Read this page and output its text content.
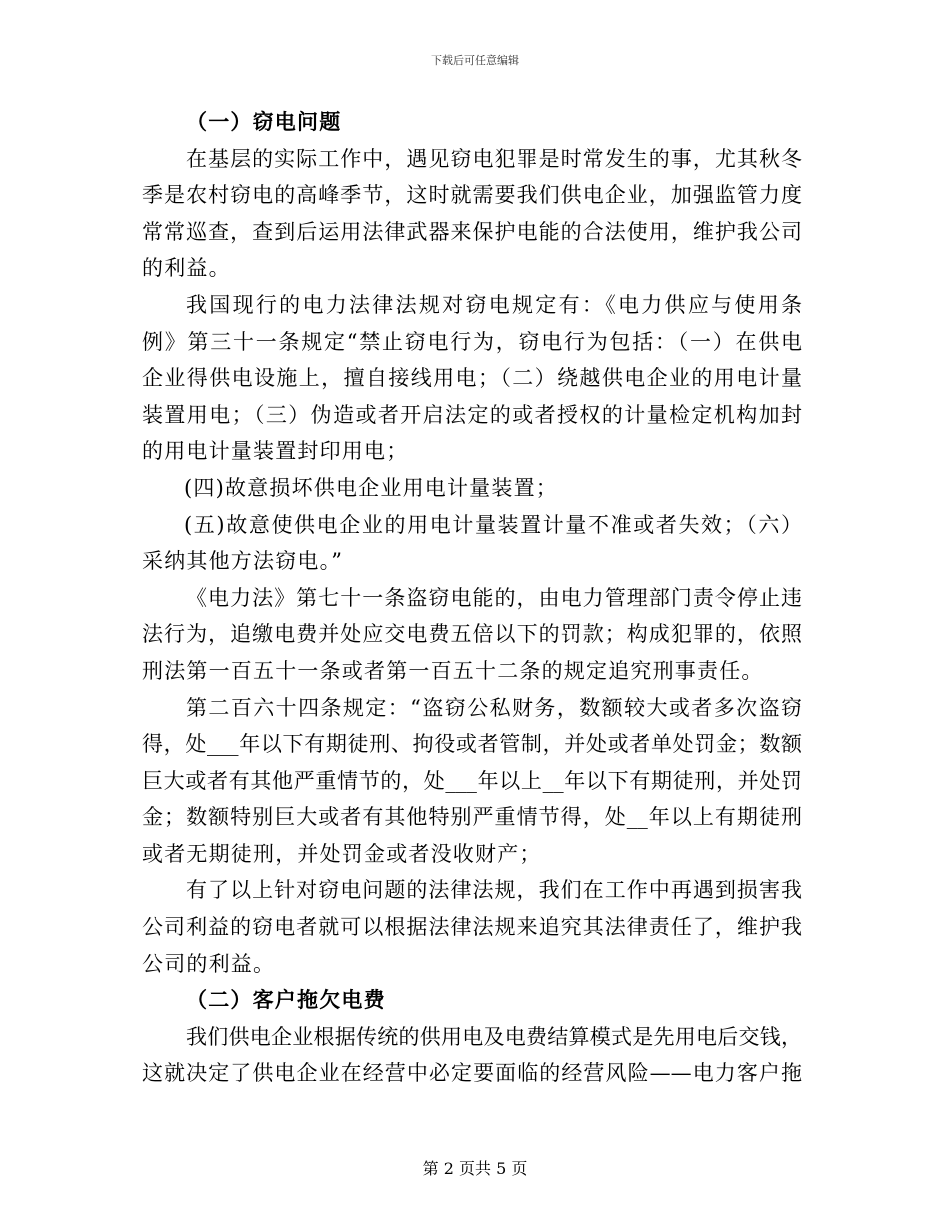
下载后可任意编辑
（一）窃电问题
在基层的实际工作中，遇见窃电犯罪是时常发生的事，尤其秋冬
季是农村窃电的高峰季节，这时就需要我们供电企业，加强监管力度
常常巡查，查到后运用法律武器来保护电能的合法使用，维护我公司
的利益。
我国现行的电力法律法规对窃电规定有：《电力供应与使用条
例》第三十一条规定“禁止窃电行为，窃电行为包括：（一）在供电
企业得供电设施上，擅自接线用电；（二）绕越供电企业的用电计量
装置用电；（三）伪造或者开启法定的或者授权的计量检定机构加封
的用电计量装置封印用电；
(四)故意损坏供电企业用电计量装置；
(五)故意使供电企业的用电计量装置计量不准或者失效；（六）
采纳其他方法窃电。”
《电力法》第七十一条盗窃电能的，由电力管理部门责令停止违
法行为，追缴电费并处应交电费五倍以下的罚款；构成犯罪的，依照
刑法第一百五十一条或者第一百五十二条的规定追究刑事责任。
第二百六十四条规定：“盗窃公私财务，数额较大或者多次盗窃
得，处___年以下有期徒刑、拘役或者管制，并处或者单处罚金；数额
巨大或者有其他严重情节的，处___年以上__年以下有期徒刑，并处罚
金；数额特别巨大或者有其他特别严重情节得，处__年以上有期徒刑
或者无期徒刑，并处罚金或者没收财产；
有了以上针对窃电问题的法律法规，我们在工作中再遇到损害我
公司利益的窃电者就可以根据法律法规来追究其法律责任了，维护我
公司的利益。
（二）客户拖欠电费
我们供电企业根据传统的供用电及电费结算模式是先用电后交钱，
这就决定了供电企业在经营中必定要面临的经营风险——电力客户拖
第 2 页共 5 页
